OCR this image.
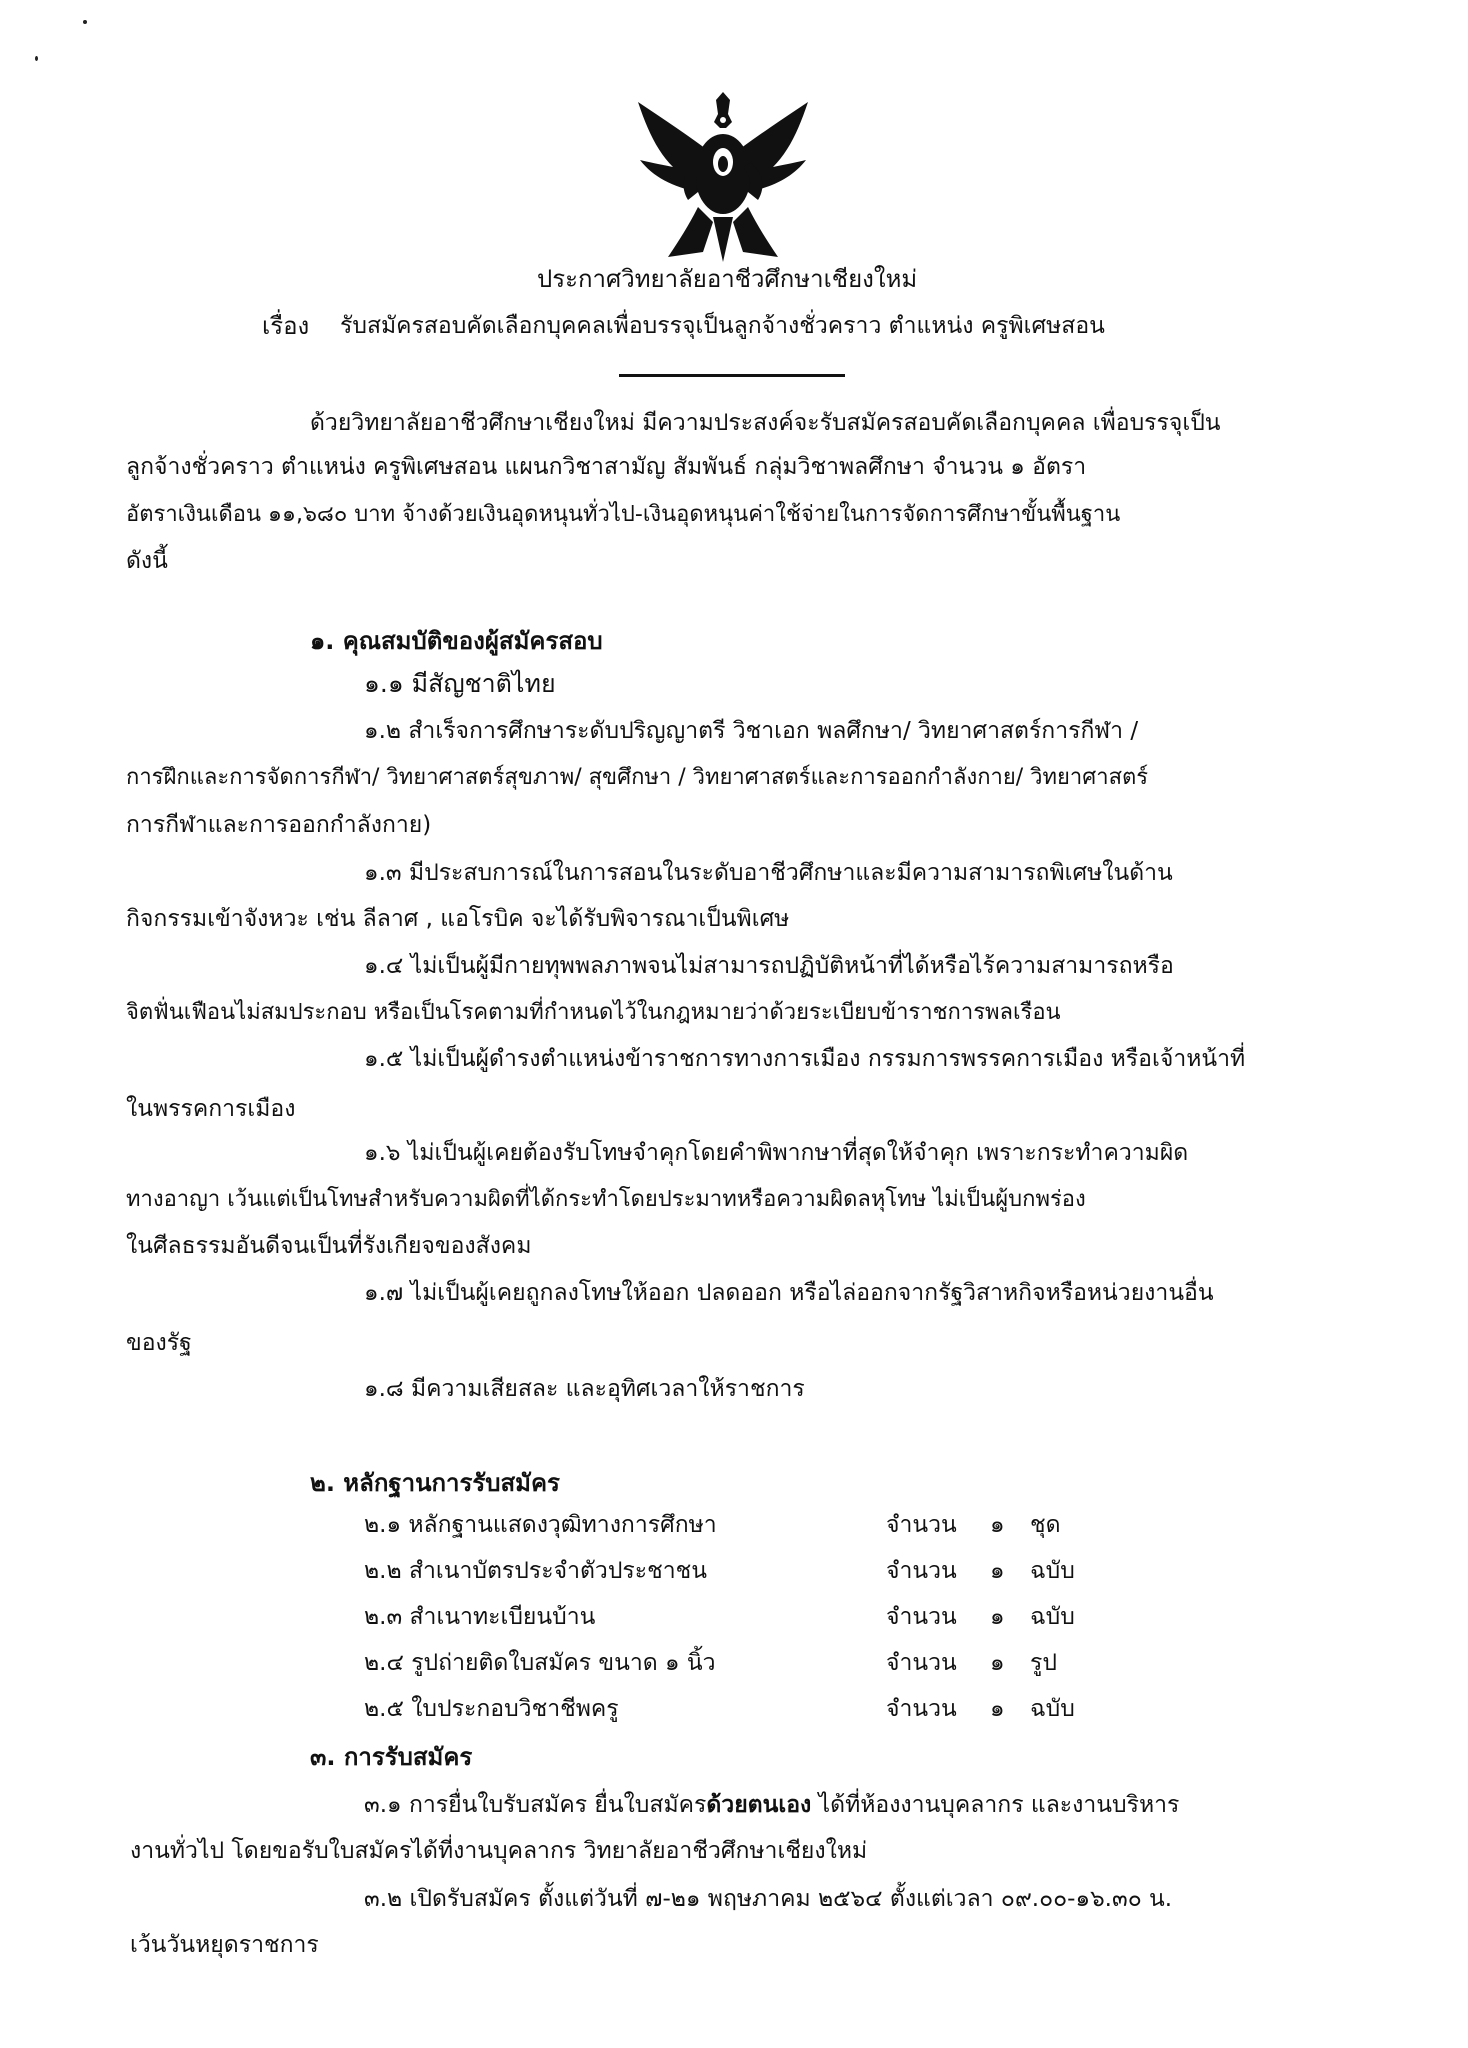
ประกาศวิทยาลัยอาชีวศึกษาเชียงใหม่
เรื่อง รับสมัครสอบคัดเลือกบุคคลเพื่อบรรจุเป็นลูกจ้างชั่วคราว ตำแหน่ง ครูพิเศษสอน
ด้วยวิทยาลัยอาชีวศึกษาเชียงใหม่ มีความประสงค์จะรับสมัครสอบคัดเลือกบุคคล เพื่อบรรจุเป็น
ลูกจ้างชั่วคราว ตำแหน่ง ครูพิเศษสอน แผนกวิชาสามัญ สัมพันธ์ กลุ่มวิชาพลศึกษา จำนวน ๑ อัตรา
อัตราเงินเดือน ๑๑,๖๘๐ บาท จ้างด้วยเงินอุดหนุนทั่วไป-เงินอุดหนุนค่าใช้จ่ายในการจัดการศึกษาขั้นพื้นฐาน
ดังนี้
๑. คุณสมบัติของผู้สมัครสอบ
๑.๑ มีสัญชาติไทย
๑.๒ สำเร็จการศึกษาระดับปริญญาตรี วิชาเอก พลศึกษา/ วิทยาศาสตร์การกีฬา /
การฝึกและการจัดการกีฬา/ วิทยาศาสตร์สุขภาพ/ สุขศึกษา / วิทยาศาสตร์และการออกกำลังกาย/ วิทยาศาสตร์
การกีฬาและการออกกำลังกาย)
๑.๓ มีประสบการณ์ในการสอนในระดับอาชีวศึกษาและมีความสามารถพิเศษในด้าน
กิจกรรมเข้าจังหวะ เช่น ลีลาศ , แอโรบิค จะได้รับพิจารณาเป็นพิเศษ
๑.๔ ไม่เป็นผู้มีกายทุพพลภาพจนไม่สามารถปฏิบัติหน้าที่ได้หรือไร้ความสามารถหรือ
จิตฟั่นเฟือนไม่สมประกอบ หรือเป็นโรคตามที่กำหนดไว้ในกฎหมายว่าด้วยระเบียบข้าราชการพลเรือน
๑.๕ ไม่เป็นผู้ดำรงตำแหน่งข้าราชการทางการเมือง กรรมการพรรคการเมือง หรือเจ้าหน้าที่
ในพรรคการเมือง
๑.๖ ไม่เป็นผู้เคยต้องรับโทษจำคุกโดยคำพิพากษาที่สุดให้จำคุก เพราะกระทำความผิด
ทางอาญา เว้นแต่เป็นโทษสำหรับความผิดที่ได้กระทำโดยประมาทหรือความผิดลหุโทษ ไม่เป็นผู้บกพร่อง
ในศีลธรรมอันดีจนเป็นที่รังเกียจของสังคม
๑.๗ ไม่เป็นผู้เคยถูกลงโทษให้ออก ปลดออก หรือไล่ออกจากรัฐวิสาหกิจหรือหน่วยงานอื่น
ของรัฐ
๑.๘ มีความเสียสละ และอุทิศเวลาให้ราชการ
๒. หลักฐานการรับสมัคร
๒.๑ หลักฐานแสดงวุฒิทางการศึกษา	จำนวน ๑ ชุด
๒.๒ สำเนาบัตรประจำตัวประชาชน	จำนวน ๑ ฉบับ
๒.๓ สำเนาทะเบียนบ้าน	จำนวน ๑ ฉบับ
๒.๔ รูปถ่ายติดใบสมัคร ขนาด ๑ นิ้ว	จำนวน ๑ รูป
๒.๕ ใบประกอบวิชาชีพครู	จำนวน ๑ ฉบับ
๓. การรับสมัคร
๓.๑ การยื่นใบรับสมัคร ยื่นใบสมัครด้วยตนเอง ได้ที่ห้องงานบุคลากร และงานบริหาร
งานทั่วไป โดยขอรับใบสมัครได้ที่งานบุคลากร วิทยาลัยอาชีวศึกษาเชียงใหม่
๓.๒ เปิดรับสมัคร ตั้งแต่วันที่ ๗-๒๑ พฤษภาคม ๒๕๖๔ ตั้งแต่เวลา ๐๙.๐๐-๑๖.๓๐ น.
เว้นวันหยุดราชการ
